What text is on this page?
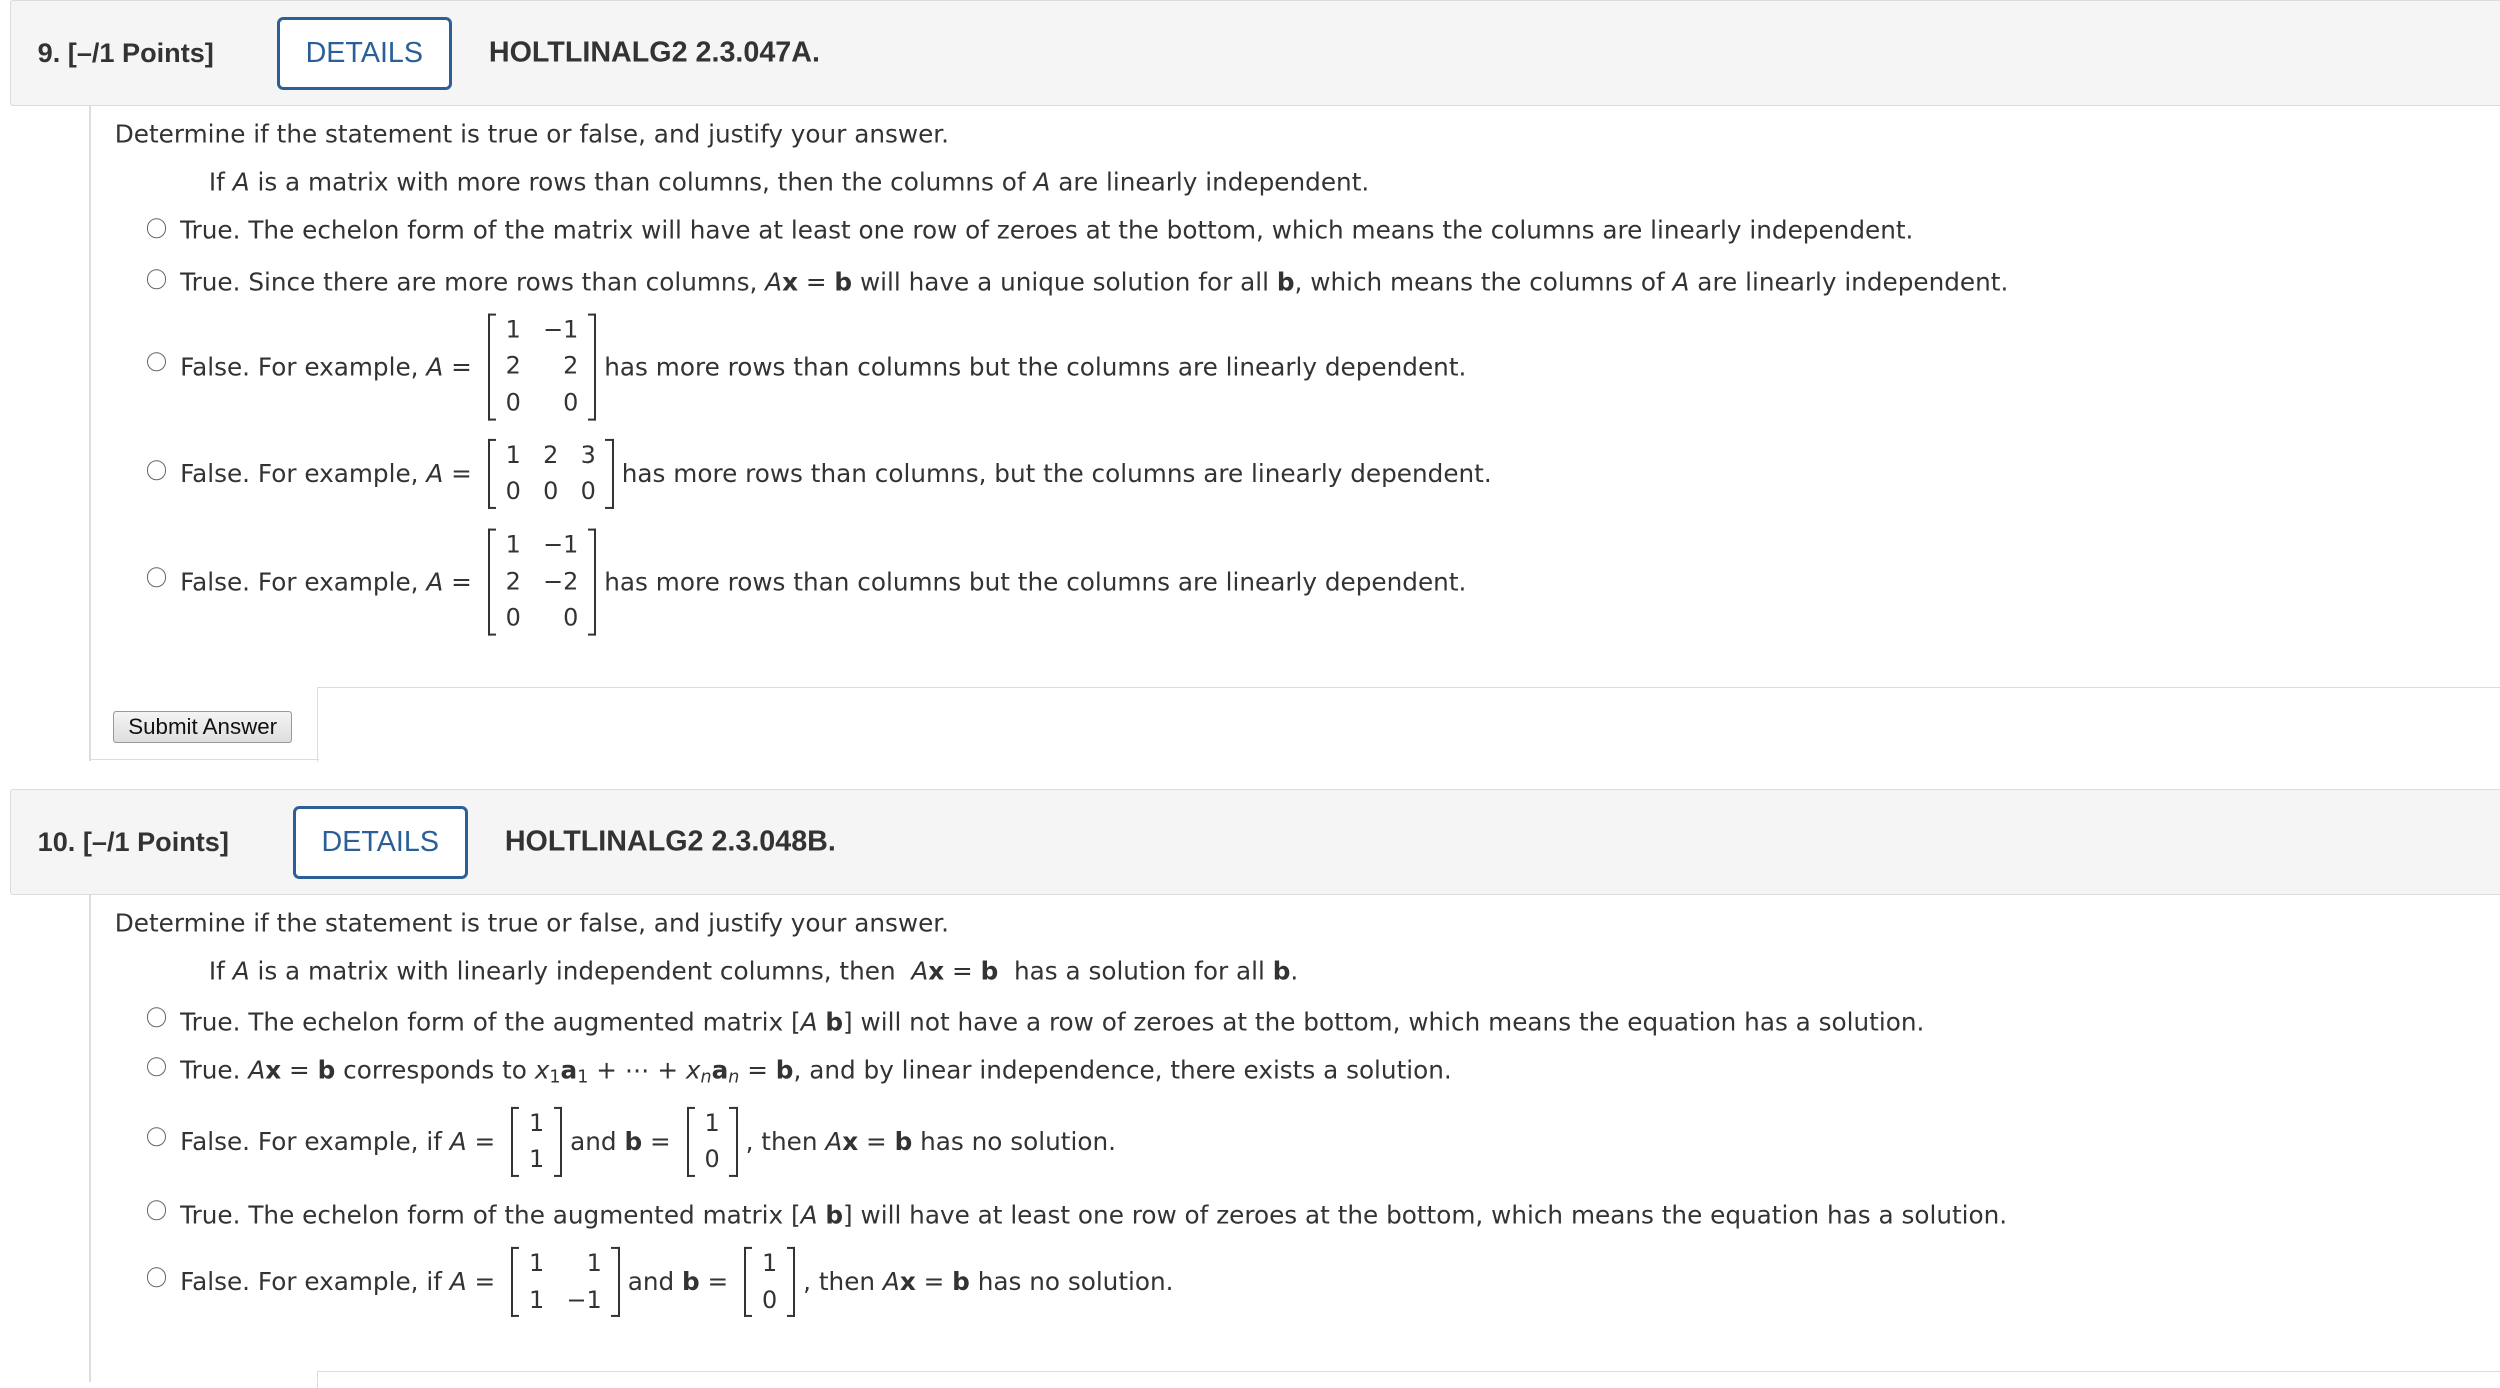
9. [–/1 Points]	DETAILS	HOLTLINALG2 2.3.047A.
Determine if the statement is true or false, and justify your answer.
If A is a matrix with more rows than columns, then the columns of A are linearly independent.
True. The echelon form of the matrix will have at least one row of zeroes at the bottom, which means the columns are linearly independent.
True. Since there are more rows than columns, A x = b will have a unique solution for all b , which means the columns of A are linearly independent.
False. For example, A =
1 −1
2	2
0	0
has more rows than columns but the columns are linearly dependent.
False. For example, A =
1 2 3
0 0 0
has more rows than columns, but the columns are linearly dependent.
False. For example, A =
1 −1
2 −2
0	0
has more rows than columns but the columns are linearly dependent.
Submit Answer
10. [–/1 Points]	DETAILS	HOLTLINALG2 2.3.048B.
Determine if the statement is true or false, and justify your answer.
If A is a matrix with linearly independent columns, then A x = b has a solution for all b .
True. The echelon form of the augmented matrix [ A
b ] will not have a row of zeroes at the bottom, which means the equation has a solution.
True. A x = b corresponds to x 1 a 1 + ⋯ + x n a n = b , and by linear independence, there exists a solution.
False. For example, if A =
1
1
and b =
1
0
, then A x = b has no solution.
True. The echelon form of the augmented matrix [ A
b ] will have at least one row of zeroes at the bottom, which means the equation has a solution.
False. For example, if A =
1	1
1 −1
and b =
1
0
, then A x = b has no solution.
